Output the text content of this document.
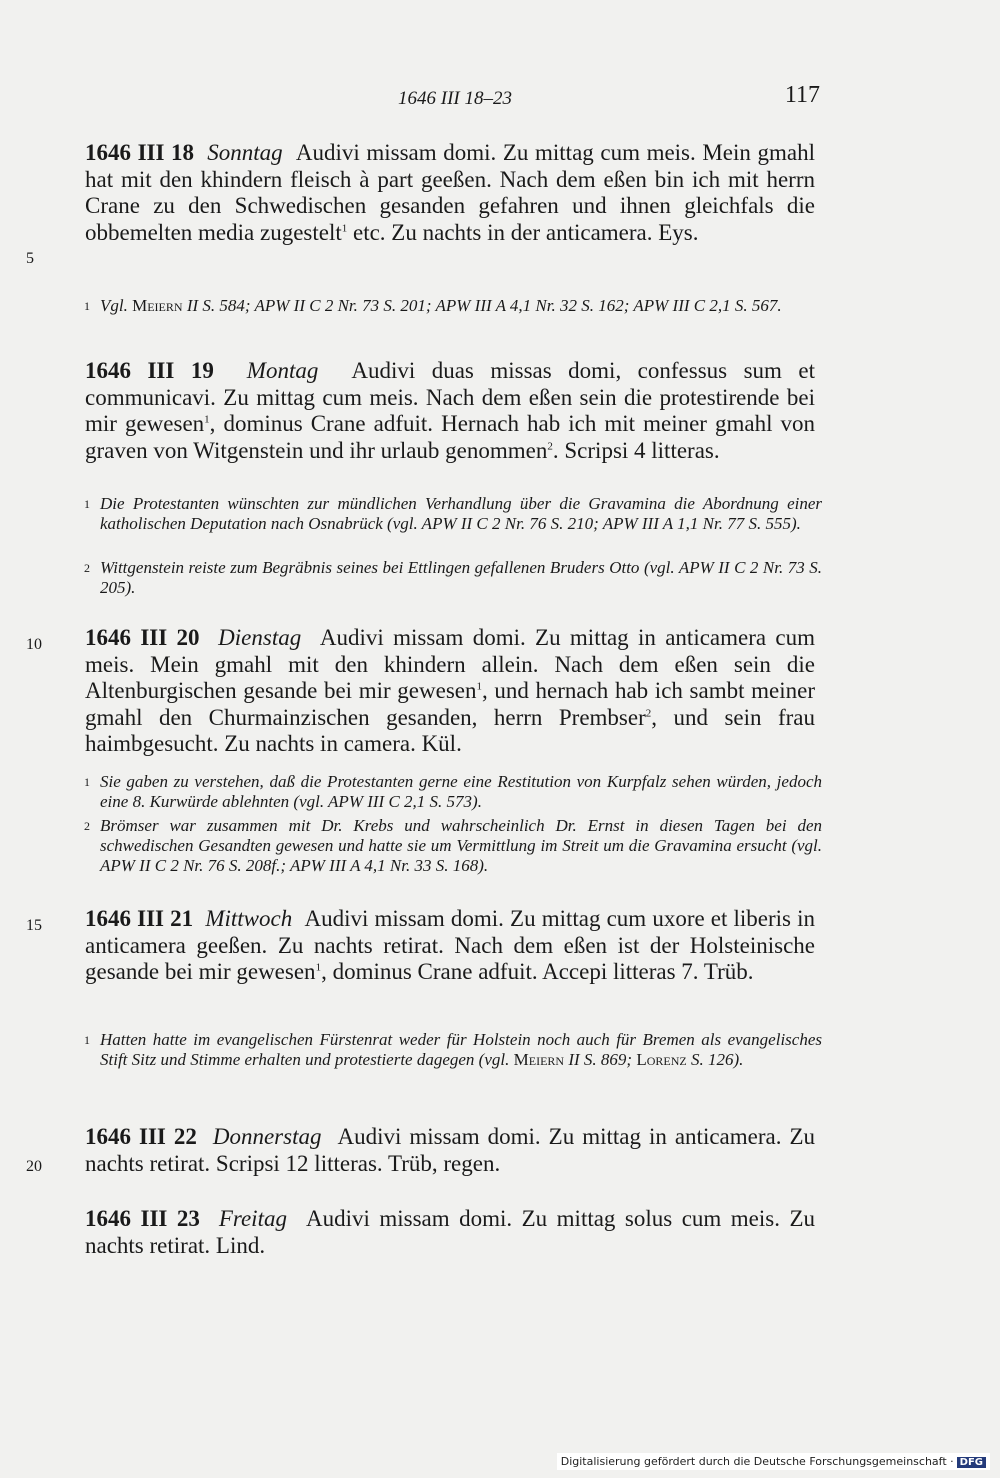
1646 III 18–23	117
1646 III 18 Sonntag Audivi missam domi. Zu mittag cum meis. Mein gmahl hat mit den khindern fleisch à part geeßen. Nach dem eßen bin ich mit herrn Crane zu den Schwedischen gesanden gefahren und ihnen gleichfals die obbemelten media zugestelt$^1$ etc. Zu nachts in der anticamera. Eys.
5
1 Vgl. Meiern II S. 584; APW II C 2 Nr. 73 S. 201; APW III A 4,1 Nr. 32 S. 162; APW III C 2,1 S. 567.
1646 III 19 Montag Audivi duas missas domi, confessus sum et communicavi. Zu mittag cum meis. Nach dem eßen sein die protestirende bei mir gewesen$^1$, dominus Crane adfuit. Hernach hab ich mit meiner gmahl von graven von Witgenstein und ihr urlaub genommen$^2$. Scripsi 4 litteras.
1 Die Protestanten wünschten zur mündlichen Verhandlung über die Gravamina die Abordnung einer katholischen Deputation nach Osnabrück (vgl. APW II C 2 Nr. 76 S. 210; APW III A 1,1 Nr. 77 S. 555).
2 Wittgenstein reiste zum Begräbnis seines bei Ettlingen gefallenen Bruders Otto (vgl. APW II C 2 Nr. 73 S. 205).
1646 III 20 Dienstag Audivi missam domi. Zu mittag in anticamera cum meis. Mein gmahl mit den khindern allein. Nach dem eßen sein die Altenburgischen gesande bei mir gewesen$^1$, und hernach hab ich sambt meiner gmahl den Churmainzischen gesanden, herrn Prembser$^2$, und sein frau haimbgesucht. Zu nachts in camera. Kül.
10
1 Sie gaben zu verstehen, daß die Protestanten gerne eine Restitution von Kurpfalz sehen würden, jedoch eine 8. Kurwürde ablehnten (vgl. APW III C 2,1 S. 573).
2 Brömser war zusammen mit Dr. Krebs und wahrscheinlich Dr. Ernst in diesen Tagen bei den schwedischen Gesandten gewesen und hatte sie um Vermittlung im Streit um die Gravamina ersucht (vgl. APW II C 2 Nr. 76 S. 208f.; APW III A 4,1 Nr. 33 S. 168).
1646 III 21 Mittwoch Audivi missam domi. Zu mittag cum uxore et liberis in anticamera geeßen. Zu nachts retirat. Nach dem eßen ist der Holsteinische gesande bei mir gewesen$^1$, dominus Crane adfuit. Accepi litteras 7. Trüb.
15
1 Hatten hatte im evangelischen Fürstenrat weder für Holstein noch auch für Bremen als evangelisches Stift Sitz und Stimme erhalten und protestierte dagegen (vgl. Meiern II S. 869; Lorenz S. 126).
1646 III 22 Donnerstag Audivi missam domi. Zu mittag in anticamera. Zu nachts retirat. Scripsi 12 litteras. Trüb, regen.
20
1646 III 23 Freitag Audivi missam domi. Zu mittag solus cum meis. Zu nachts retirat. Lind.
Digitalisierung gefördert durch die Deutsche Forschungsgemeinschaft · DFG
